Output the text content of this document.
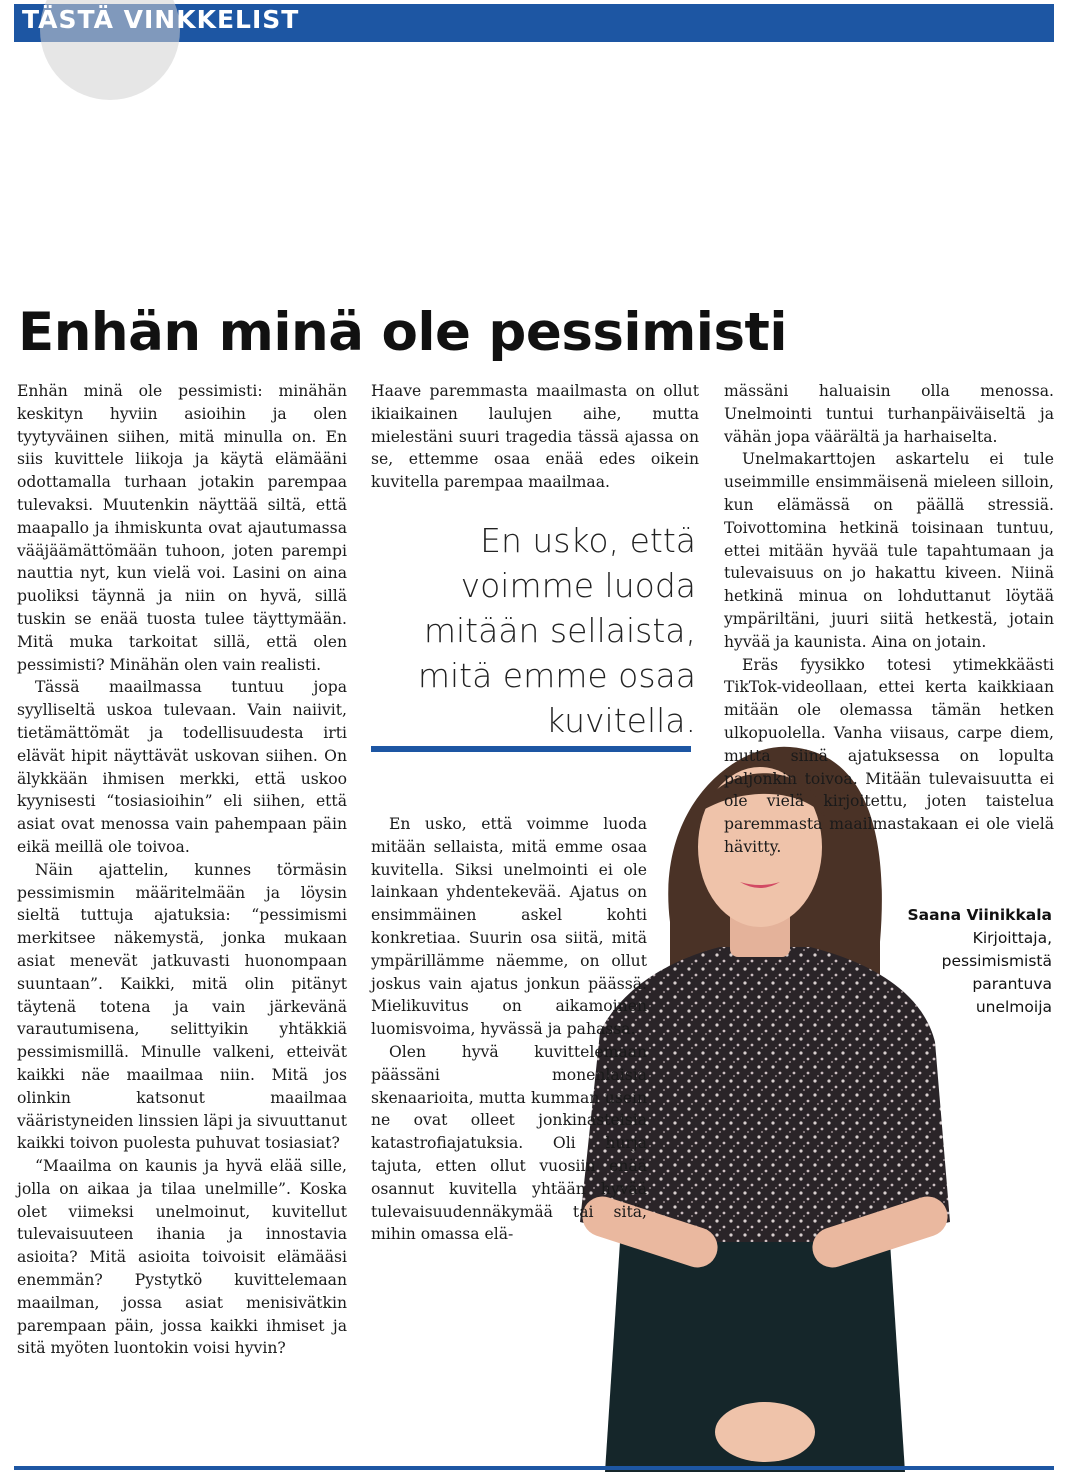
TÄSTÄ VINKKELIST
Enhän minä ole pessimisti

Enhän minä ole pessimisti: minähän keskityn hyviin asioihin ja olen tyytyväinen siihen, mitä minulla on. En siis kuvittele liikoja ja käytä elämääni odottamalla turhaan jotakin parempaa tulevaksi. Muutenkin näyttää siltä, että maapallo ja ihmiskunta ovat ajautumassa vääjäämättömään tuhoon, joten parempi nauttia nyt, kun vielä voi. Lasini on aina puoliksi täynnä ja niin on hyvä, sillä tuskin se enää tuosta tulee täyttymään. Mitä muka tarkoitat sillä, että olen pessimisti? Minähän olen vain realisti.

Tässä maailmassa tuntuu jopa syylliseltä uskoa tulevaan. Vain naiivit, tietämättömät ja todellisuudesta irti elävät hipit näyttävät uskovan siihen. On älykkään ihmisen merkki, että uskoo kyynisesti “tosiasioihin” eli siihen, että asiat ovat menossa vain pahempaan päin eikä meillä ole toivoa.

Näin ajattelin, kunnes törmäsin pessimismin määritelmään ja löysin sieltä tuttuja ajatuksia: “pessimismi merkitsee näkemystä, jonka mukaan asiat menevät jatkuvasti huonompaan suuntaan”. Kaikki, mitä olin pitänyt täytenä totena ja vain järkevänä varautumisena, selittyikin yhtäkkiä pessimismillä. Minulle valkeni, etteivät kaikki näe maailmaa niin. Mitä jos olinkin katsonut maailmaa vääristyneiden linssien läpi ja sivuuttanut kaikki toivon puolesta puhuvat tosiasiat?

“Maailma on kaunis ja hyvä elää sille, jolla on aikaa ja tilaa unelmille”. Koska olet viimeksi unelmoinut, kuvitellut tulevaisuuteen ihania ja innostavia asioita? Mitä asioita toivoisit elämääsi enemmän? Pystytkö kuvittelemaan maailman, jossa asiat menisivätkin parempaan päin, jossa kaikki ihmiset ja sitä myöten luontokin voisi hyvin?

Haave paremmasta maailmasta on ollut ikiaikainen laulujen aihe, mutta mielestäni suuri tragedia tässä ajassa on se, ettemme osaa enää edes oikein kuvitella parempaa maailmaa.

En usko, että voimme luoda mitään sellaista, mitä emme osaa kuvitella.

En usko, että voimme luoda mitään sellaista, mitä emme osaa kuvitella. Siksi unelmointi ei ole lainkaan yhdentekevää. Ajatus on ensimmäinen askel kohti konkretiaa. Suurin osa siitä, mitä ympärillämme näemme, on ollut joskus vain ajatus jonkun päässä. Mielikuvitus on aikamoinen luomisvoima, hyvässä ja pahassa.

Olen hyvä kuvittelemaan päässäni monenlaisia skenaarioita, mutta kumman usein ne ovat olleet jonkinasteisia katastrofiajatuksia. Oli hurja tajuta, etten ollut vuosiin enää osannut kuvitella yhtään hyvää tulevaisuudennäkymää tai sitä, mihin omassa elä-

mässäni haluaisin olla menossa. Unelmointi tuntui turhanpäiväiseltä ja vähän jopa väärältä ja harhaiselta.

Unelmakarttojen askartelu ei tule useimmille ensimmäisenä mieleen silloin, kun elämässä on päällä stressiä. Toivottomina hetkinä toisinaan tuntuu, ettei mitään hyvää tule tapahtumaan ja tulevaisuus on jo hakattu kiveen. Niinä hetkinä minua on lohduttanut löytää ympäriltäni, juuri siitä hetkestä, jotain hyvää ja kaunista. Aina on jotain.

Eräs fyysikko totesi ytimekkäästi TikTok-videollaan, ettei kerta kaikkiaan mitään ole olemassa tämän hetken ulkopuolella. Vanha viisaus, carpe diem, mutta siinä ajatuksessa on lopulta paljonkin toivoa. Mitään tulevaisuutta ei ole vielä kirjoitettu, joten taistelua paremmasta maailmastakaan ei ole vielä hävitty.

Saana Viinikkala
Kirjoittaja,
pessimismistä
parantuva
unelmoija
